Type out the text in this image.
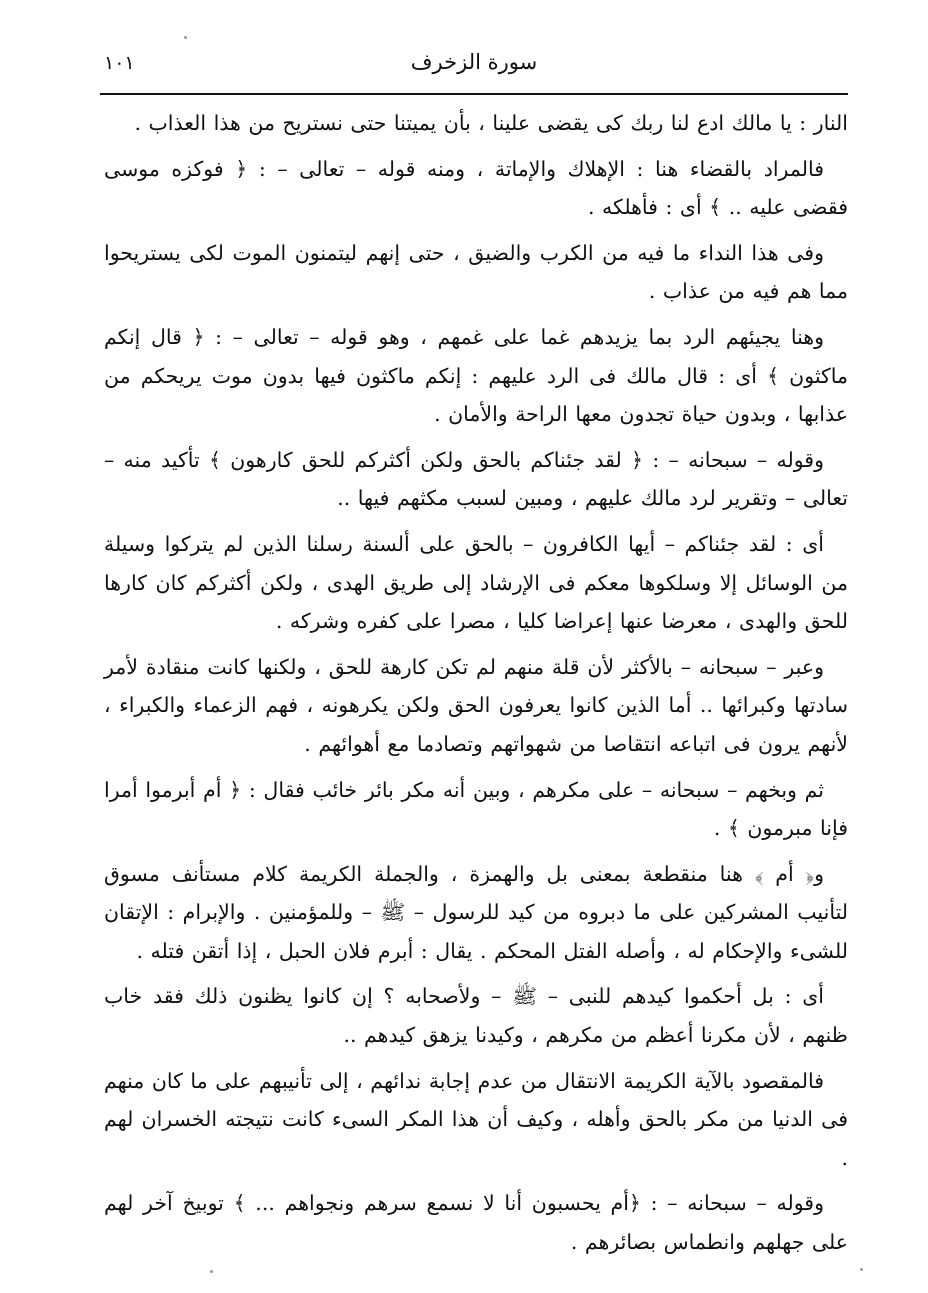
سورة الزخرف
١٠١

النار : يا مالك ادع لنا ربك كى يقضى علينا ، بأن يميتنا حتى نستريح من هذا العذاب .

فالمراد بالقضاء هنا : الإهلاك والإماتة ، ومنه قوله – تعالى – : ﴿ فوكزه موسى فقضى عليه .. ﴾ أى : فأهلكه .

وفى هذا النداء ما فيه من الكرب والضيق ، حتى إنهم ليتمنون الموت لكى يستريحوا مما هم فيه من عذاب .

وهنا يجيئهم الرد بما يزيدهم غما على غمهم ، وهو قوله – تعالى – : ﴿ قال إنكم ماكثون ﴾ أى : قال مالك فى الرد عليهم : إنكم ماكثون فيها بدون موت يريحكم من عذابها ، وبدون حياة تجدون معها الراحة والأمان .

وقوله – سبحانه – : ﴿ لقد جئناكم بالحق ولكن أكثركم للحق كارهون ﴾ تأكيد منه – تعالى – وتقرير لرد مالك عليهم ، ومبين لسبب مكثهم فيها ..

أى : لقد جئناكم – أيها الكافرون – بالحق على ألسنة رسلنا الذين لم يتركوا وسيلة من الوسائل إلا وسلكوها معكم فى الإرشاد إلى طريق الهدى ، ولكن أكثركم كان كارها للحق والهدى ، معرضا عنها إعراضا كليا ، مصرا على كفره وشركه .

وعبر – سبحانه – بالأكثر لأن قلة منهم لم تكن كارهة للحق ، ولكنها كانت منقادة لأمر سادتها وكبرائها .. أما الذين كانوا يعرفون الحق ولكن يكرهونه ، فهم الزعماء والكبراء ، لأنهم يرون فى اتباعه انتقاصا من شهواتهم وتصادما مع أهوائهم .

ثم وبخهم – سبحانه – على مكرهم ، وبين أنه مكر بائر خائب فقال : ﴿ أم أبرموا أمرا فإنا مبرمون ﴾ .

و﴿ أم ﴾ هنا منقطعة بمعنى بل والهمزة ، والجملة الكريمة كلام مستأنف مسوق لتأنيب المشركين على ما دبروه من كيد للرسول – ﷺ – وللمؤمنين . والإبرام : الإتقان للشىء والإحكام له ، وأصله الفتل المحكم . يقال : أبرم فلان الحبل ، إذا أتقن فتله .

أى : بل أحكموا كيدهم للنبى – ﷺ – ولأصحابه ؟ إن كانوا يظنون ذلك فقد خاب ظنهم ، لأن مكرنا أعظم من مكرهم ، وكيدنا يزهق كيدهم ..

فالمقصود بالآية الكريمة الانتقال من عدم إجابة ندائهم ، إلى تأنيبهم على ما كان منهم فى الدنيا من مكر بالحق وأهله ، وكيف أن هذا المكر السىء كانت نتيجته الخسران لهم .

وقوله – سبحانه – : ﴿أم يحسبون أنا لا نسمع سرهم ونجواهم ... ﴾ توبيخ آخر لهم على جهلهم وانطماس بصائرهم .
